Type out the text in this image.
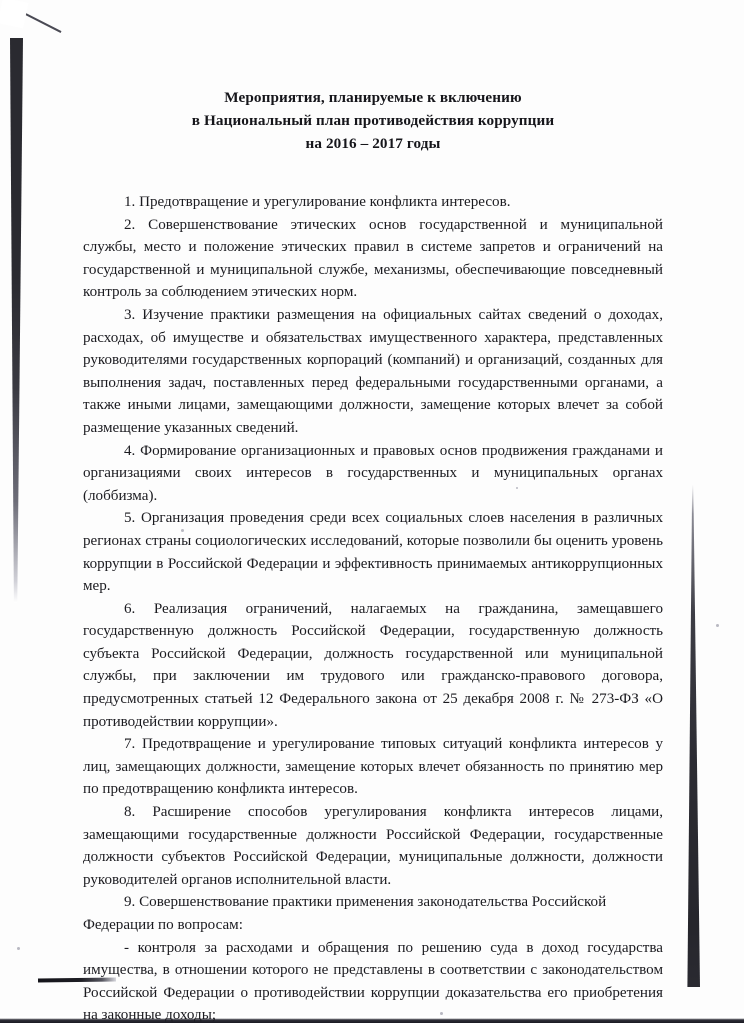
Мероприятия, планируемые к включению
в Национальный план противодействия коррупции
на 2016 – 2017 годы

1. Предотвращение и урегулирование конфликта интересов.

2. Совершенствование этических основ государственной и муниципальной службы, место и положение этических правил в системе запретов и ограничений на государственной и муниципальной службе, механизмы, обеспечивающие повседневный контроль за соблюдением этических норм.

3. Изучение практики размещения на официальных сайтах сведений о доходах, расходах, об имуществе и обязательствах имущественного характера, представленных руководителями государственных корпораций (компаний) и организаций, созданных для выполнения задач, поставленных перед федеральными государственными органами, а также иными лицами, замещающими должности, замещение которых влечет за собой размещение указанных сведений.

4. Формирование организационных и правовых основ продвижения гражданами и организациями своих интересов в государственных и муниципальных органах (лоббизма).

5. Организация проведения среди всех социальных слоев населения в различных регионах страны социологических исследований, которые позволили бы оценить уровень коррупции в Российской Федерации и эффективность принимаемых антикоррупционных мер.

6. Реализация ограничений, налагаемых на гражданина, замещавшего государственную должность Российской Федерации, государственную должность субъекта Российской Федерации, должность государственной или муниципальной службы, при заключении им трудового или гражданско-правового договора, предусмотренных статьей 12 Федерального закона от 25 декабря 2008 г. № 273-ФЗ «О противодействии коррупции».

7. Предотвращение и урегулирование типовых ситуаций конфликта интересов у лиц, замещающих должности, замещение которых влечет обязанность по принятию мер по предотвращению конфликта интересов.

8. Расширение способов урегулирования конфликта интересов лицами, замещающими государственные должности Российской Федерации, государственные должности субъектов Российской Федерации, муниципальные должности, должности руководителей органов исполнительной власти.

9. Совершенствование практики применения законодательства Российской Федерации по вопросам:

- контроля за расходами и обращения по решению суда в доход государства имущества, в отношении которого не представлены в соответствии с законодательством Российской Федерации о противодействии коррупции доказательства его приобретения на законные доходы;
